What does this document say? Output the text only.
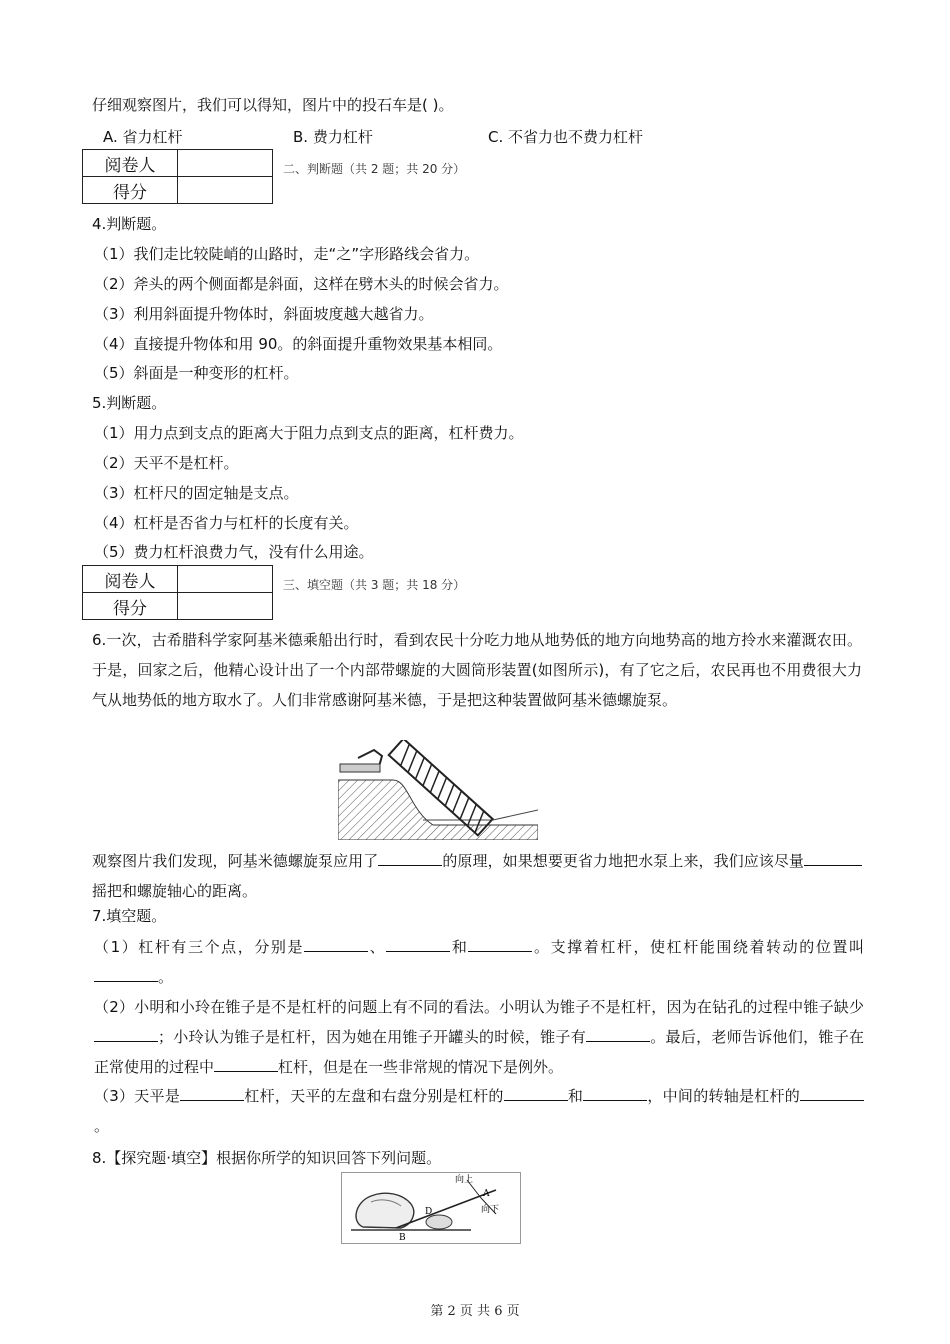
仔细观察图片，我们可以得知，图片中的投石车是( )。
A. 省力杠杆	B. 费力杠杆	C. 不省力也不费力杠杆
阅卷人	
得分	
二、判断题（共 2 题；共 20 分）
4.判断题。
（1）我们走比较陡峭的山路时，走“之”字形路线会省力。
（2）斧头的两个侧面都是斜面，这样在劈木头的时候会省力。
（3）利用斜面提升物体时，斜面坡度越大越省力。
（4）直接提升物体和用 90。的斜面提升重物效果基本相同。
（5）斜面是一种变形的杠杆。
5.判断题。
（1）用力点到支点的距离大于阻力点到支点的距离，杠杆费力。
（2）天平不是杠杆。
（3）杠杆尺的固定轴是支点。
（4）杠杆是否省力与杠杆的长度有关。
（5）费力杠杆浪费力气，没有什么用途。
阅卷人	
得分	
三、填空题（共 3 题；共 18 分）
6.一次，古希腊科学家阿基米德乘船出行时，看到农民十分吃力地从地势低的地方向地势高的地方拎水来灌溉农田。于是，回家之后，他精心设计出了一个内部带螺旋的大圆筒形装置(如图所示)，有了它之后，农民再也不用费很大力气从地势低的地方取水了。人们非常感谢阿基米德，于是把这种装置做阿基米德螺旋泵。
观察图片我们发现，阿基米德螺旋泵应用了	的原理，如果想要更省力地把水泵上来，我们应该尽量摇把和螺旋轴心的距离。
7.填空题。
（1）杠杆有三个点，分别是	、	和	。支撑着杠杆，使杠杆能围绕着转动的位置叫。
（2）小明和小玲在锥子是不是杠杆的问题上有不同的看法。小明认为锥子不是杠杆，因为在钻孔的过程中锥子缺少；小玲认为锥子是杠杆，因为她在用锥子开罐头的时候，锥子有	。最后，老师告诉他们，锥子在正常使用的过程中	杠杆，但是在一些非常规的情况下是例外。
（3）天平是	杠杆，天平的左盘和右盘分别是杠杆的	和	，中间的转轴是杠杆的。
8.【探究题·填空】根据你所学的知识回答下列问题。
向上
向下
A
D
B
第 2 页 共 6 页
